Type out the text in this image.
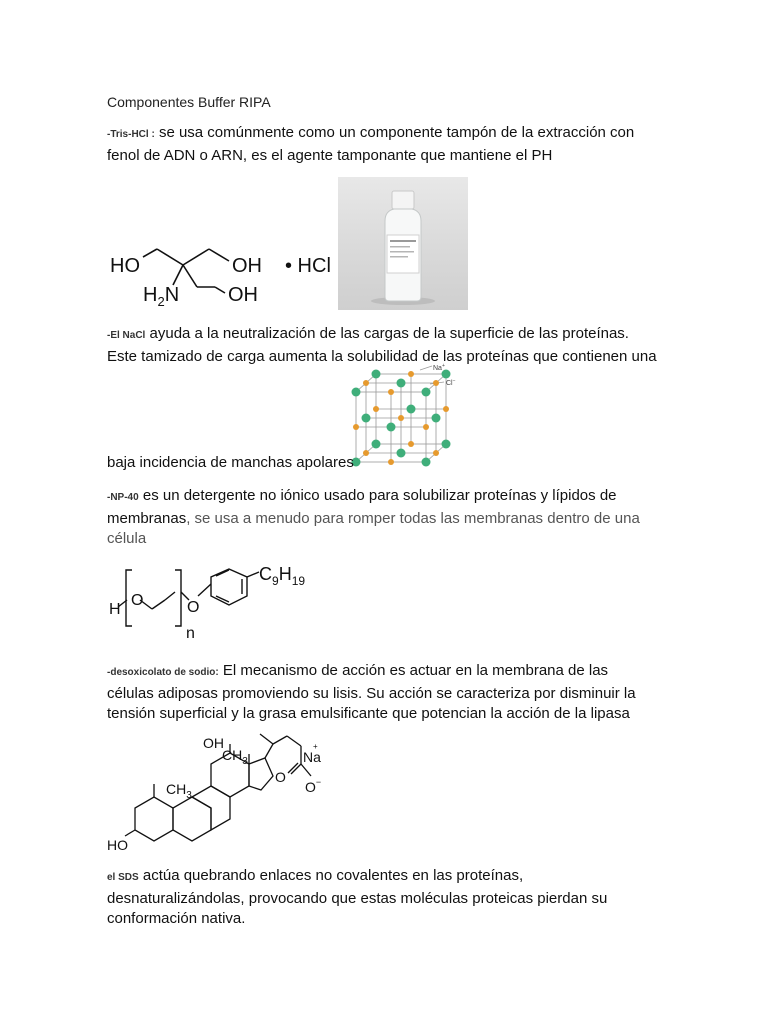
Componentes Buffer RIPA
-Tris-HCl : se usa comúnmente como un componente tampón de la extracción con
fenol de ADN o ARN, es el agente tamponante que mantiene el PH
HO	OH
$H_2N$ OH
• HCl
-El NaCl ayuda a la neutralización de las cargas de la superficie de las proteínas.
Este tamizado de carga aumenta la solubilidad de las proteínas que contienen una
Na+
Cl−
baja incidencia de manchas apolares
-NP-40 es un detergente no iónico usado para solubilizar proteínas y lípidos de
membranas, se usa a menudo para romper todas las membranas dentro de una
célula
H
O	O
n
$C_9H_{19}$
-desoxicolato de sodio: El mecanismo de acción es actuar en la membrana de las
células adiposas promoviendo su lisis. Su acción se caracteriza por disminuir la
tensión superficial y la grasa emulsificante que potencian la acción de la lipasa
OH
$CH_3$
$CH_3$
HO
O
O−
+
Na
el SDS actúa quebrando enlaces no covalentes en las proteínas,
desnaturalizándolas, provocando que estas moléculas proteicas pierdan su
conformación nativa.
